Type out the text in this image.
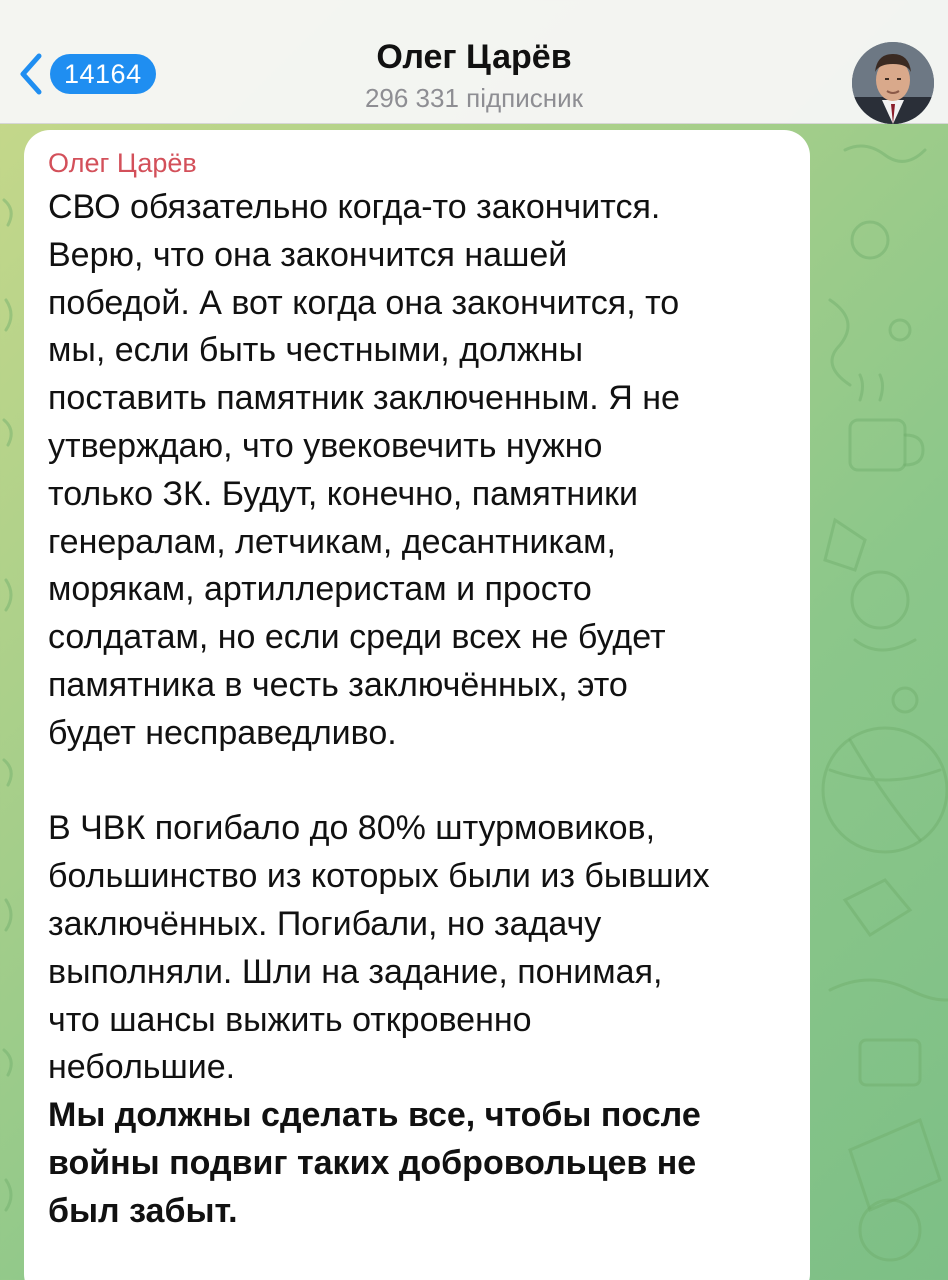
14164	Олег Царёв
296 331 підписник
Олег Царёв

СВО обязательно когда-то закончится.
Верю, что она закончится нашей
победой. А вот когда она закончится, то
мы, если быть честными, должны
поставить памятник заключенным. Я не
утверждаю, что увековечить нужно
только ЗК. Будут, конечно, памятники
генералам, летчикам, десантникам,
морякам, артиллеристам и просто
солдатам, но если среди всех не будет
памятника в честь заключённых, это
будет несправедливо.

В ЧВК погибало до 80% штурмовиков,
большинство из которых были из бывших
заключённых. Погибали, но задачу
выполняли. Шли на задание, понимая,
что шансы выжить откровенно
небольшие.

Мы должны сделать все, чтобы после
войны подвиг таких добровольцев не
был забыт.
